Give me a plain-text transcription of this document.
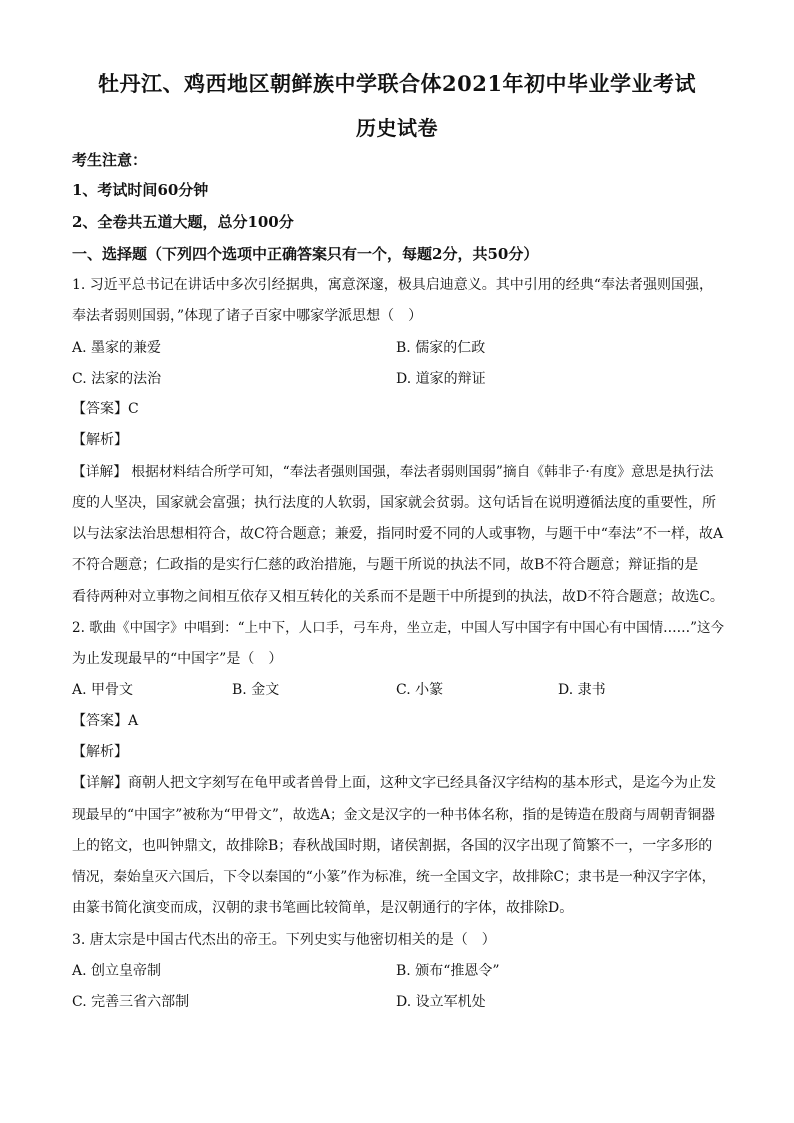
牡丹江、鸡西地区朝鲜族中学联合体2021年初中毕业学业考试
历史试卷
考生注意：
1、考试时间60分钟
2、全卷共五道大题，总分100分
一、选择题（下列四个选项中正确答案只有一个，每题2分，共50分）
1. 习近平总书记在讲话中多次引经据典，寓意深邃，极具启迪意义。其中引用的经典“奉法者强则国强，
奉法者弱则国弱，”体现了诸子百家中哪家学派思想（　）
A. 墨家的兼爱	B. 儒家的仁政
C. 法家的法治	D. 道家的辩证
【答案】C
【解析】
【详解】 根据材料结合所学可知，“奉法者强则国强，奉法者弱则国弱”摘自《韩非子·有度》意思是执行法
度的人坚决，国家就会富强；执行法度的人软弱，国家就会贫弱。这句话旨在说明遵循法度的重要性，所
以与法家法治思想相符合，故C符合题意；兼爱，指同时爱不同的人或事物，与题干中“奉法”不一样，故A
不符合题意；仁政指的是实行仁慈的政治措施，与题干所说的执法不同，故B不符合题意；辩证指的是
看待两种对立事物之间相互依存又相互转化的关系而不是题干中所提到的执法，故D不符合题意；故选C。
2. 歌曲《中国字》中唱到：“上中下，人口手，弓车舟，坐立走，中国人写中国字有中国心有中国情……”这今
为止发现最早的“中国字”是（　）
A. 甲骨文	B. 金文	C. 小篆	D. 隶书
【答案】A
【解析】
【详解】商朝人把文字刻写在龟甲或者兽骨上面，这种文字已经具备汉字结构的基本形式，是迄今为止发
现最早的“中国字”被称为“甲骨文”，故选A；金文是汉字的一种书体名称，指的是铸造在殷商与周朝青铜器
上的铭文，也叫钟鼎文，故排除B；春秋战国时期，诸侯割据，各国的汉字出现了简繁不一，一字多形的
情况，秦始皇灭六国后，下令以秦国的“小篆”作为标准，统一全国文字，故排除C；隶书是一种汉字字体，
由篆书简化演变而成，汉朝的隶书笔画比较简单，是汉朝通行的字体，故排除D。
3. 唐太宗是中国古代杰出的帝王。下列史实与他密切相关的是（　）
A. 创立皇帝制	B. 颁布“推恩令”
C. 完善三省六部制	D. 设立军机处
